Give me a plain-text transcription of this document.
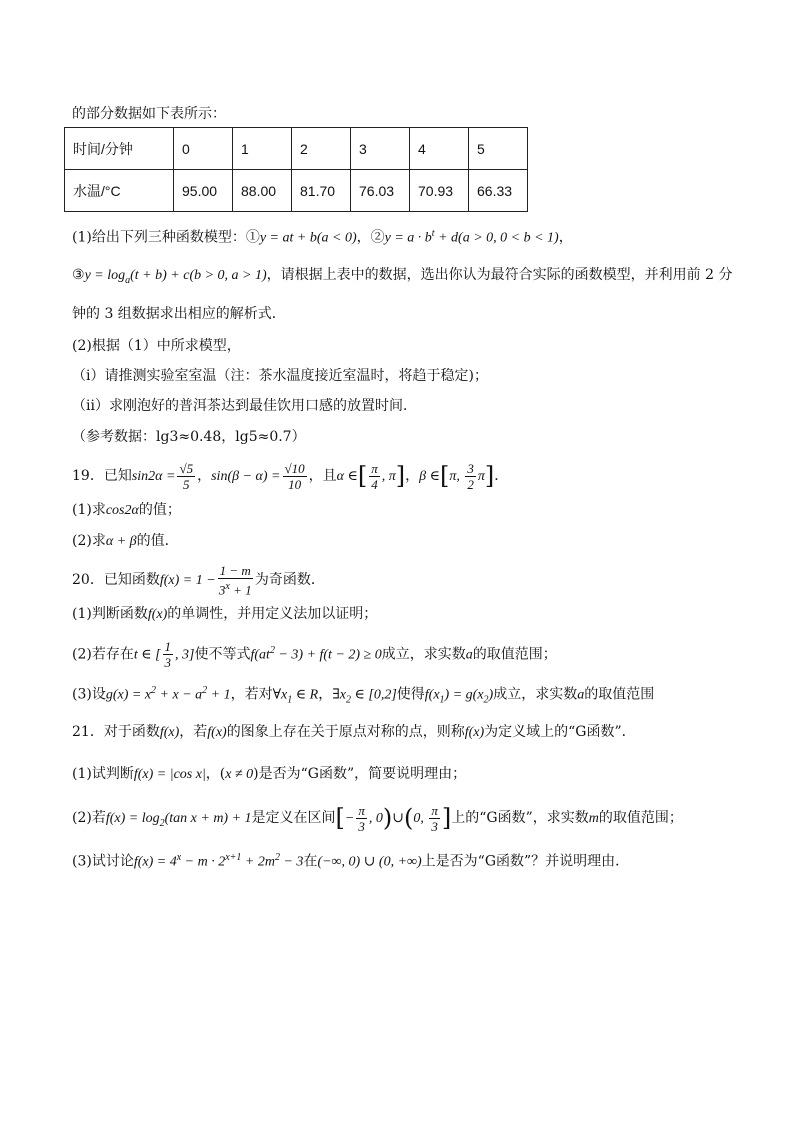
的部分数据如下表所示：
时间/分钟	0	1	2	3	4	5
水温/°C	95.00	88.00	81.70	76.03	70.93	66.33
(1)给出下列三种函数模型：①y = at + b(a < 0)，②y = $a \cdot b^t + d(a > 0$, 0 < b < 1)，
③y = $\log_a(t + b) + c(b > 0$, a > 1)，请根据上表中的数据，选出你认为最符合实际的函数模型，并利用前 2 分
钟的 3 组数据求出相应的解析式．
(2)根据（1）中所求模型，
（i）请推测实验室室温（注：茶水温度接近室温时，将趋于稳定)；
（ii）求刚泡好的普洱茶达到最佳饮用口感的放置时间．
（参考数据：lg3≈0.48，lg5≈0.7）
19．已知$\sin 2\alpha = \frac{√5}{5}$ ，$\sin(\beta - \alpha) = \frac{√10}{10}$ ，且α ∈[ $\frac{\pi}{4}$ , π]，β ∈[π, $\frac{3}{2} \pi$]．
(1)求cos2α的值；
(2)求α + β的值．
20．已知函数$f(x) = 1 - \frac{1 - m}{3^x + 1}$ 为奇函数．
(1)判断函数f(x)的单调性，并用定义法加以证明；
(2)若存在t ∈ [ $\frac{1}{3}$ , 3]使不等式$f(at^2 - 3) + f(t - 2) \ge 0$成立，求实数a的取值范围；
(3)设$g(x) = x^2 + x - a^2 + 1$，若对$\forall x_1$ ∈ R，$\exists x_2$ ∈ [0,2]使得$f(x_1) = g(x_2)$成立，求实数a的取值范围
21．对于函数f(x)，若f(x)的图象上存在关于原点对称的点，则称f(x)为定义域上的“G函数”．
(1)试判断f(x) = |cos x|，(x ≠ 0)是否为“G函数”，简要说明理由；
(2)若$f(x) = \log_2(\tan$ x + m) + 1是定义在区间[− $\frac{\pi}{3}$ , 0)∪(0, $\frac{\pi}{3}$ ]上的“G函数”，求实数m的取值范围；
(3)试讨论$f(x) = 4^x - m \cdot 2^{x+1} + 2m^2 - 3$在(−∞, 0) ∪ (0, +∞)上是否为“G函数”？并说明理由．
